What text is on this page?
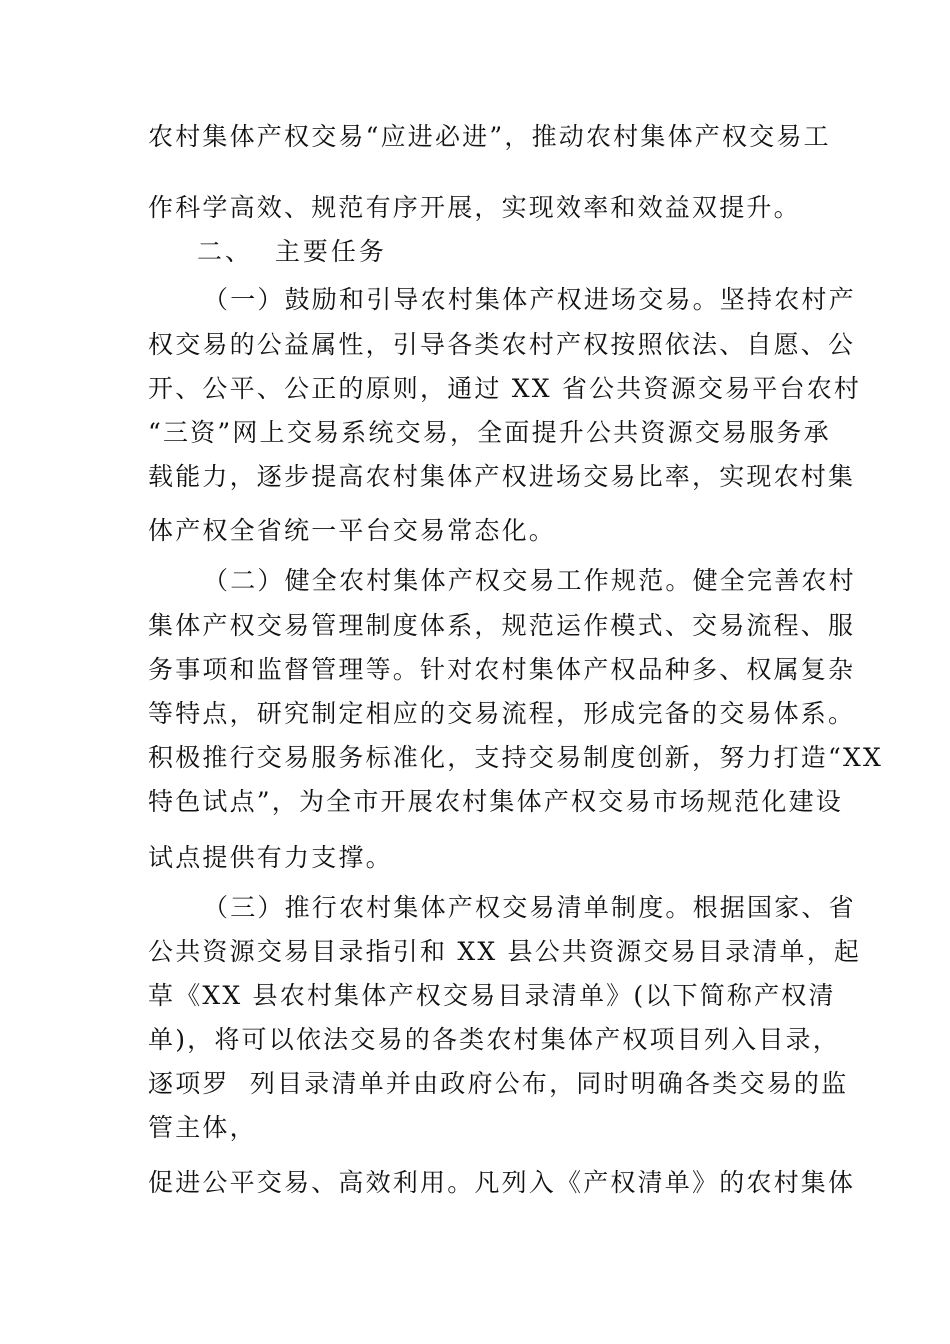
农村集体产权交易“应进必进”，推动农村集体产权交易工
作科学高效、规范有序开展，实现效率和效益双提升。
二、  主要任务
（一）鼓励和引导农村集体产权进场交易。坚持农村产
权交易的公益属性，引导各类农村产权按照依法、自愿、公
开、公平、公正的原则，通过 XX 省公共资源交易平台农村
“三资”网上交易系统交易，全面提升公共资源交易服务承
载能力，逐步提高农村集体产权进场交易比率，实现农村集
体产权全省统一平台交易常态化。
（二）健全农村集体产权交易工作规范。健全完善农村
集体产权交易管理制度体系，规范运作模式、交易流程、服
务事项和监督管理等。针对农村集体产权品种多、权属复杂
等特点，研究制定相应的交易流程，形成完备的交易体系。
积极推行交易服务标准化，支持交易制度创新，努力打造“XX
特色试点”，为全市开展农村集体产权交易市场规范化建设
试点提供有力支撑。
（三）推行农村集体产权交易清单制度。根据国家、省
公共资源交易目录指引和 XX 县公共资源交易目录清单，起
草《XX 县农村集体产权交易目录清单》(以下简称产权清
单)，将可以依法交易的各类农村集体产权项目列入目录，
逐项罗  列目录清单并由政府公布，同时明确各类交易的监
管主体，
促进公平交易、高效利用。凡列入《产权清单》的农村集体
